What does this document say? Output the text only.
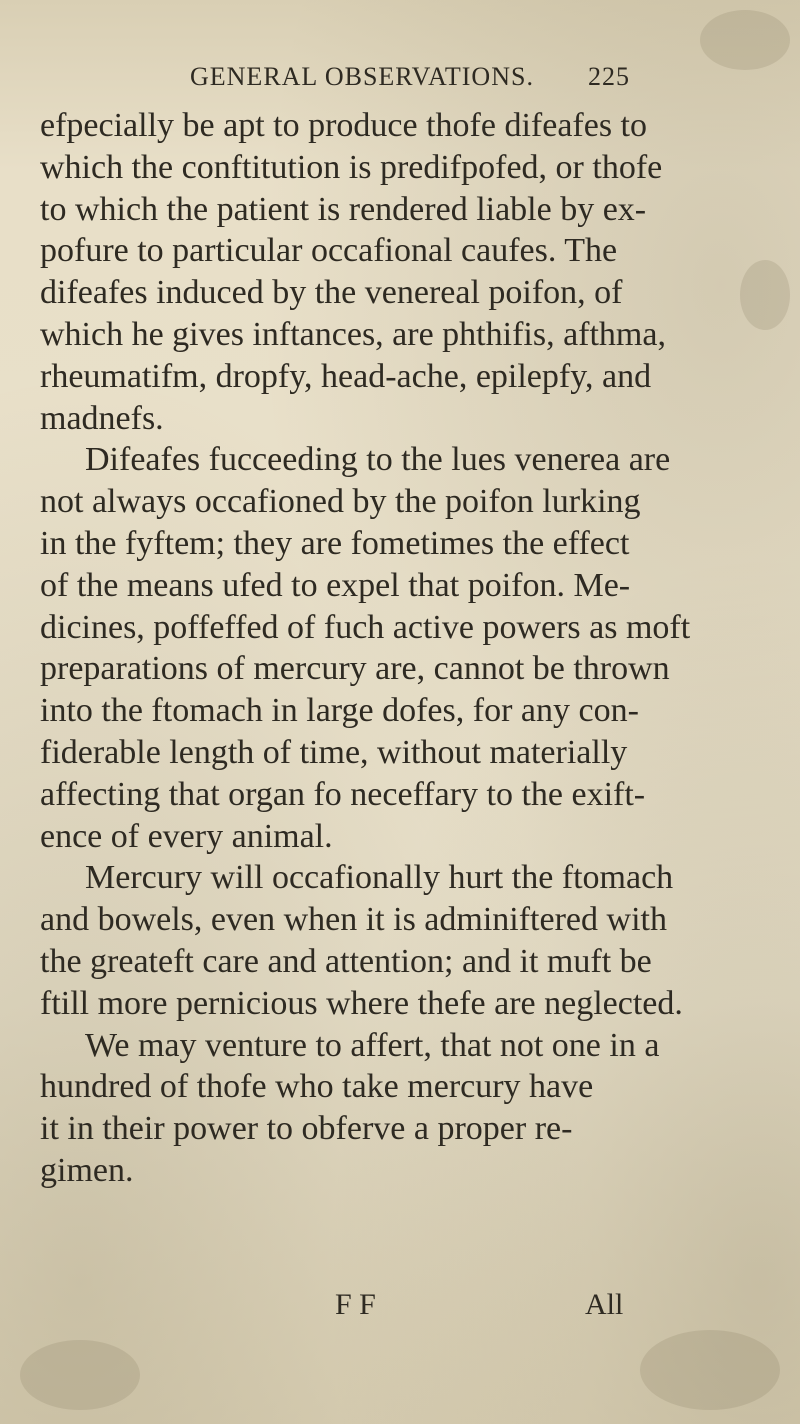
GENERAL OBSERVATIONS. 225
efpecially be apt to produce thofe difeafes to
which the conftitution is predifpofed, or thofe
to which the patient is rendered liable by ex-
pofure to particular occafional caufes. The
difeafes induced by the venereal poifon, of
which he gives inftances, are phthifis, afthma,
rheumatifm, dropfy, head-ache, epilepfy, and
madnefs.
Difeafes fucceeding to the lues venerea are
not always occafioned by the poifon lurking
in the fyftem; they are fometimes the effect
of the means ufed to expel that poifon. Me-
dicines, poffeffed of fuch active powers as moft
preparations of mercury are, cannot be thrown
into the ftomach in large dofes, for any con-
fiderable length of time, without materially
affecting that organ fo neceffary to the exift-
ence of every animal.
Mercury will occafionally hurt the ftomach
and bowels, even when it is adminiftered with
the greateft care and attention; and it muft be
ftill more pernicious where thefe are neglected.
We may venture to affert, that not one in a
hundred of thofe who take mercury have
it in their power to obferve a proper re-
gimen.
F F	All
